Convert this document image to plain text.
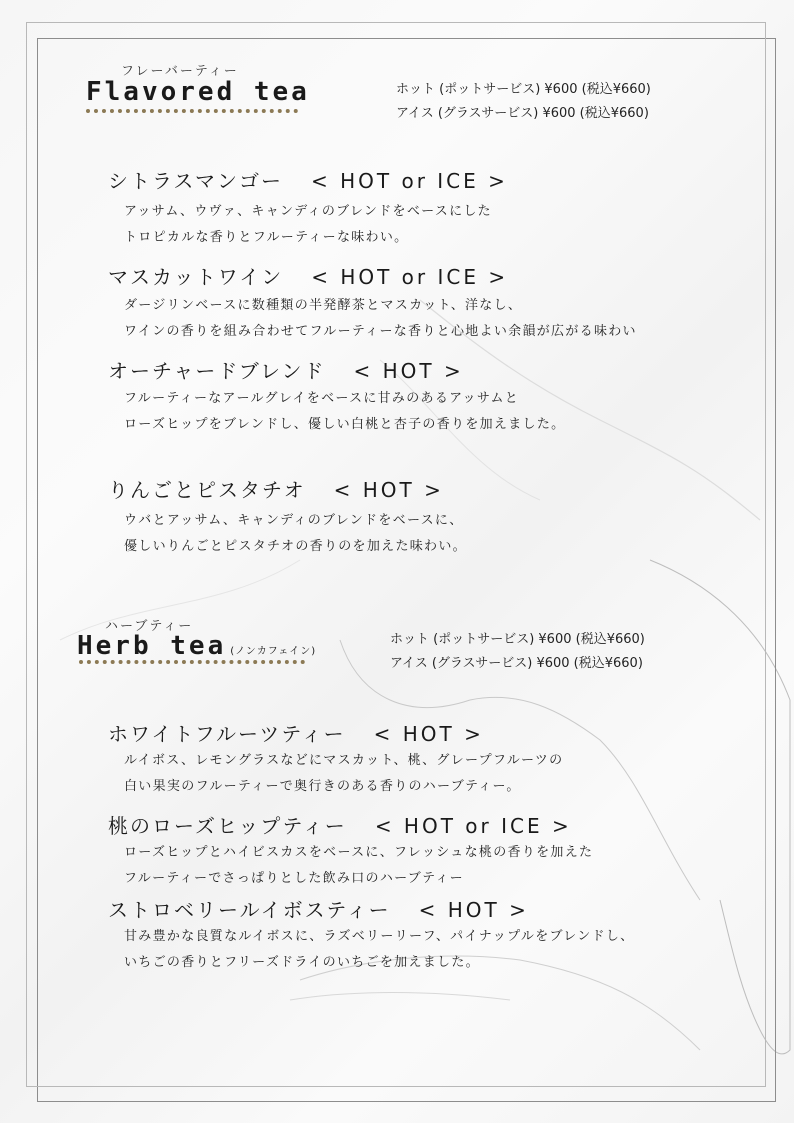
フレーバーティー
Flavored tea	ホット (ポットサービス) ¥600 (税込¥660)
アイス (グラスサービス) ¥600 (税込¥660)
シトラスマンゴー < HOT or ICE >
アッサム、ウヴァ、キャンディのブレンドをベースにした
トロピカルな香りとフルーティーな味わい。
マスカットワイン < HOT or ICE >
ダージリンベースに数種類の半発酵茶とマスカット、洋なし、
ワインの香りを組み合わせてフルーティーな香りと心地よい余韻が広がる味わい
オーチャードブレンド < HOT >
フルーティーなアールグレイをベースに甘みのあるアッサムと
ローズヒップをブレンドし、優しい白桃と杏子の香りを加えました。
りんごとピスタチオ < HOT >
ウバとアッサム、キャンディのブレンドをベースに、
優しいりんごとピスタチオの香りのを加えた味わい。
ハーブティー
Herb tea (ノンカフェイン)
ホット (ポットサービス) ¥600 (税込¥660)
アイス (グラスサービス) ¥600 (税込¥660)
ホワイトフルーツティー < HOT >
ルイボス、レモングラスなどにマスカット、桃、グレープフルーツの
白い果実のフルーティーで奥行きのある香りのハーブティー。
桃のローズヒップティー < HOT or ICE >
ローズヒップとハイビスカスをベースに、フレッシュな桃の香りを加えた
フルーティーでさっぱりとした飲み口のハーブティー
ストロベリールイボスティー < HOT >
甘み豊かな良質なルイボスに、ラズベリーリーフ、パイナップルをブレンドし、
いちごの香りとフリーズドライのいちごを加えました。
